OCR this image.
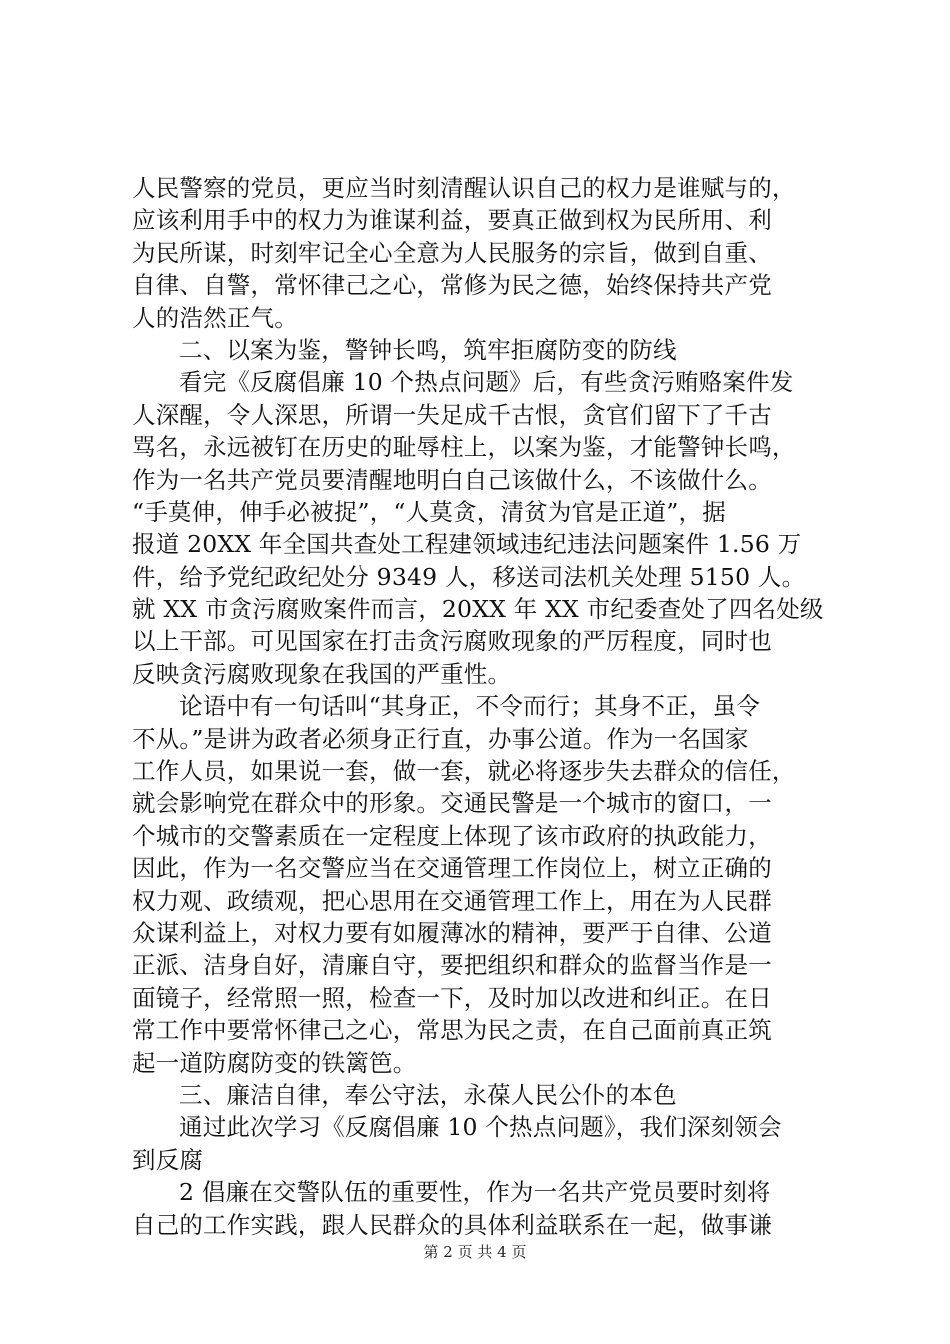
人民警察的党员，更应当时刻清醒认识自己的权力是谁赋与的，
应该利用手中的权力为谁谋利益，要真正做到权为民所用、利
为民所谋，时刻牢记全心全意为人民服务的宗旨，做到自重、
自律、自警，常怀律己之心，常修为民之德，始终保持共产党
人的浩然正气。
二、以案为鉴，警钟长鸣，筑牢拒腐防变的防线
看完《反腐倡廉 10 个热点问题》后，有些贪污贿赂案件发
人深醒，令人深思，所谓一失足成千古恨，贪官们留下了千古
骂名，永远被钉在历史的耻辱柱上，以案为鉴，才能警钟长鸣，
作为一名共产党员要清醒地明白自己该做什么，不该做什么。
“手莫伸，伸手必被捉”，“人莫贪，清贫为官是正道”，据
报道 20XX 年全国共查处工程建领域违纪违法问题案件 1.56 万
件，给予党纪政纪处分 9349 人，移送司法机关处理 5150 人。
就 XX 市贪污腐败案件而言，20XX 年 XX 市纪委查处了四名处级
以上干部。可见国家在打击贪污腐败现象的严厉程度，同时也
反映贪污腐败现象在我国的严重性。
论语中有一句话叫“其身正，不令而行；其身不正，虽令
不从。”是讲为政者必须身正行直，办事公道。作为一名国家
工作人员，如果说一套，做一套，就必将逐步失去群众的信任，
就会影响党在群众中的形象。交通民警是一个城市的窗口，一
个城市的交警素质在一定程度上体现了该市政府的执政能力，
因此，作为一名交警应当在交通管理工作岗位上，树立正确的
权力观、政绩观，把心思用在交通管理工作上，用在为人民群
众谋利益上，对权力要有如履薄冰的精神，要严于自律、公道
正派、洁身自好，清廉自守，要把组织和群众的监督当作是一
面镜子，经常照一照，检查一下，及时加以改进和纠正。在日
常工作中要常怀律己之心，常思为民之责，在自己面前真正筑
起一道防腐防变的铁篱笆。
三、廉洁自律，奉公守法，永葆人民公仆的本色
通过此次学习《反腐倡廉 10 个热点问题》，我们深刻领会
到反腐
2 倡廉在交警队伍的重要性，作为一名共产党员要时刻将
自己的工作实践，跟人民群众的具体利益联系在一起，做事谦
第 2 页 共 4 页
